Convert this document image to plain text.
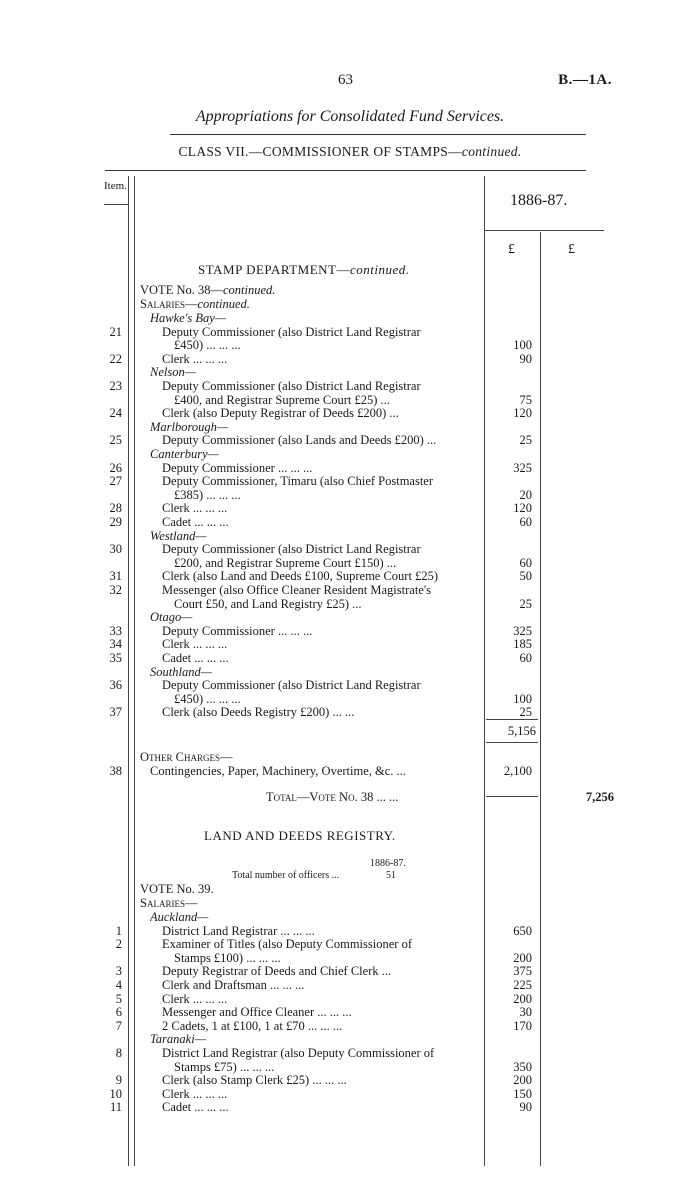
63	B.—1A.
Appropriations for Consolidated Fund Services.
CLASS VII.—COMMISSIONER OF STAMPS—continued.
Item.
1886-87.
£	£
STAMP DEPARTMENT—continued.
VOTE No. 38—continued.
Salaries—continued.
Hawke's Bay—
21	Deputy Commissioner (also District Land Registrar
£450) ... ... ...	100
22	Clerk ... ... ...	90
Nelson—
23	Deputy Commissioner (also District Land Registrar
£400, and Registrar Supreme Court £25) ...	75
24	Clerk (also Deputy Registrar of Deeds £200) ...	120
Marlborough—
25	Deputy Commissioner (also Lands and Deeds £200) ...	25
Canterbury—
26	Deputy Commissioner ... ... ...	325
27	Deputy Commissioner, Timaru (also Chief Postmaster
£385) ... ... ...	20
28	Clerk ... ... ...	120
29	Cadet ... ... ...	60
Westland—
30	Deputy Commissioner (also District Land Registrar
£200, and Registrar Supreme Court £150) ...	60
31	Clerk (also Land and Deeds £100, Supreme Court £25)	50
32	Messenger (also Office Cleaner Resident Magistrate's
Court £50, and Land Registry £25) ...	25
Otago—
33	Deputy Commissioner ... ... ...	325
34	Clerk ... ... ...	185
35	Cadet ... ... ...	60
Southland—
36	Deputy Commissioner (also District Land Registrar
£450) ... ... ...	100
37	Clerk (also Deeds Registry £200) ... ...	25
5,156
Other Charges—
38 Contingencies, Paper, Machinery, Overtime, &c. ...	2,100
Total—Vote No. 38 ... ...	7,256
LAND AND DEEDS REGISTRY.
1886-87.
Total number of officers ...	51
VOTE No. 39.
Salaries—
Auckland—
1	District Land Registrar ... ... ...	650
2	Examiner of Titles (also Deputy Commissioner of
Stamps £100) ... ... ...	200
3	Deputy Registrar of Deeds and Chief Clerk ...	375
4	Clerk and Draftsman ... ... ...	225
5	Clerk ... ... ...	200
6	Messenger and Office Cleaner ... ... ...	30
7	2 Cadets, 1 at £100, 1 at £70 ... ... ...	170
Taranaki—
8	District Land Registrar (also Deputy Commissioner of
Stamps £75) ... ... ...	350
9	Clerk (also Stamp Clerk £25) ... ... ...	200
10	Clerk ... ... ...	150
11	Cadet ... ... ...	90
